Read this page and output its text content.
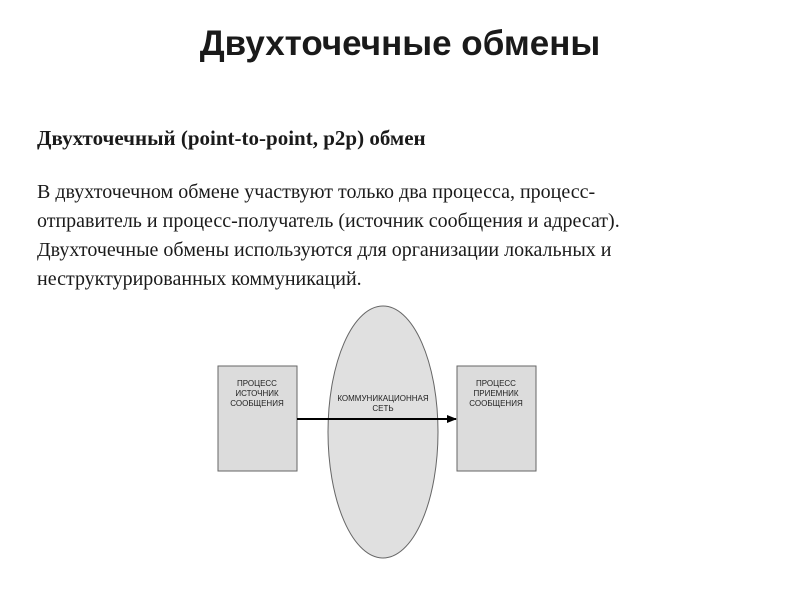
Двухточечные обмены
Двухточечный (point-to-point, p2p) обмен

В двухточечном обмене участвуют только два процесса, процесс-
отправитель и процесс-получатель (источник сообщения и адресат).
Двухточечные обмены используются для организации локальных и
неструктурированных коммуникаций.

ПРОЦЕСС
ИСТОЧНИК
СООБЩЕНИЯ
КОММУНИКАЦИОННАЯ
СЕТЬ
ПРОЦЕСС
ПРИЕМНИК
СООБЩЕНИЯ
